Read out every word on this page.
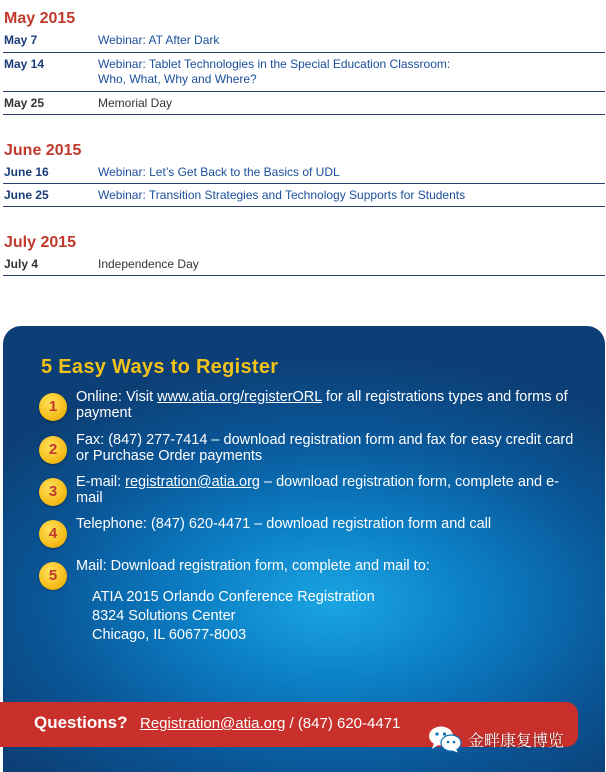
May 2015
May 7	Webinar: AT After Dark
May 14	Webinar: Tablet Technologies in the Special Education Classroom:
Who, What, Why and Where?
May 25	Memorial Day
June 2015
June 16	Webinar: Let’s Get Back to the Basics of UDL
June 25	Webinar: Transition Strategies and Technology Supports for Students
July 2015
July 4	Independence Day
5 Easy Ways to Register
1
Online: Visit www.atia.org/registerORL for all registrations types and forms of payment
2
Fax: (847) 277-7414 – download registration form and fax for easy credit card or Purchase Order payments
3
E-mail: registration@atia.org – download registration form, complete and e-mail
4
Telephone: (847) 620-4471 – download registration form and call
5
Mail: Download registration form, complete and mail to:
ATIA 2015 Orlando Conference Registration
8324 Solutions Center
Chicago, IL 60677-8003
Questions? Registration@atia.org / (847) 620-4471
金畔康复博览
